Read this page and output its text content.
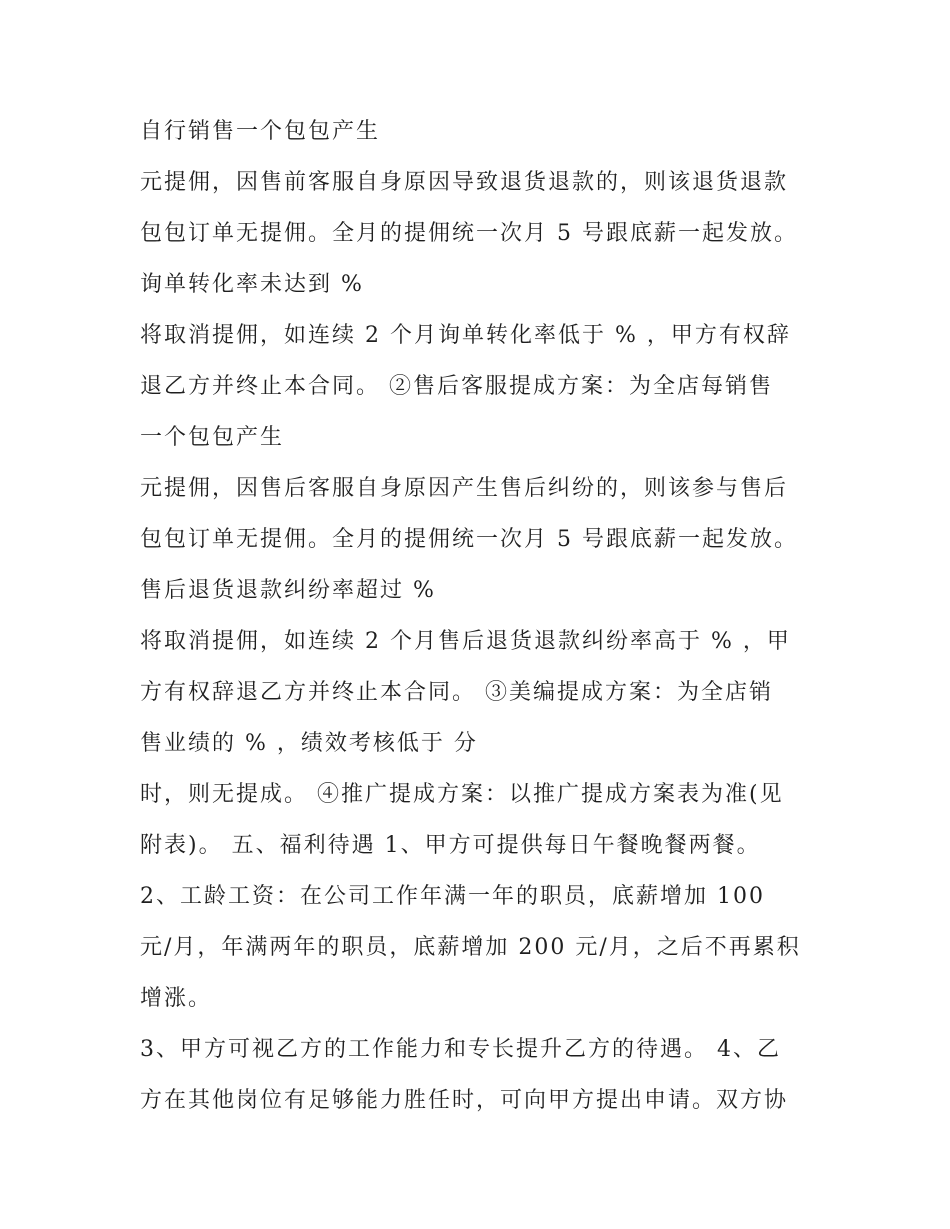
自行销售一个包包产生
元提佣，因售前客服自身原因导致退货退款的，则该退货退款
包包订单无提佣。全月的提佣统一次月 5 号跟底薪一起发放。
询单转化率未达到 %
将取消提佣，如连续 2 个月询单转化率低于 % ，甲方有权辞
退乙方并终止本合同。 ②售后客服提成方案：为全店每销售
一个包包产生
元提佣，因售后客服自身原因产生售后纠纷的，则该参与售后
包包订单无提佣。全月的提佣统一次月 5 号跟底薪一起发放。
售后退货退款纠纷率超过 %
将取消提佣，如连续 2 个月售后退货退款纠纷率高于 % ，甲
方有权辞退乙方并终止本合同。 ③美编提成方案：为全店销
售业绩的 % ，绩效考核低于 分
时，则无提成。 ④推广提成方案：以推广提成方案表为准(见
附表)。 五、福利待遇 1、甲方可提供每日午餐晚餐两餐。
2、工龄工资：在公司工作年满一年的职员，底薪增加 100
元/月，年满两年的职员，底薪增加 200 元/月，之后不再累积
增涨。
3、甲方可视乙方的工作能力和专长提升乙方的待遇。 4、乙
方在其他岗位有足够能力胜任时，可向甲方提出申请。双方协
